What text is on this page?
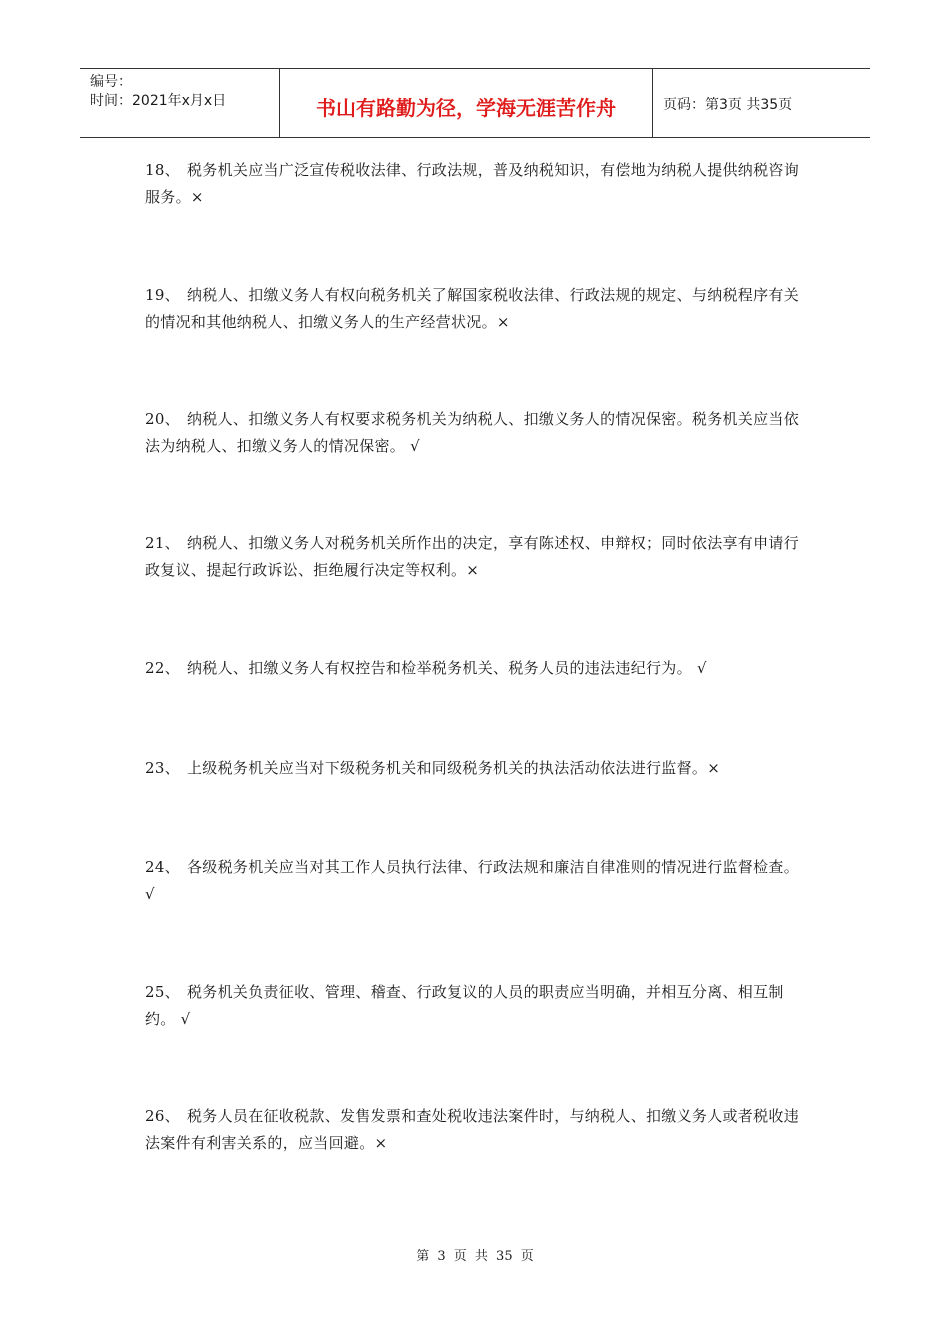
编号：
时间：2021年x月x日	书山有路勤为径，学海无涯苦作舟	页码：第3页 共35页
18、 税务机关应当广泛宣传税收法律、行政法规，普及纳税知识，有偿地为纳税人提供纳税咨询服务。×
19、 纳税人、扣缴义务人有权向税务机关了解国家税收法律、行政法规的规定、与纳税程序有关的情况和其他纳税人、扣缴义务人的生产经营状况。×
20、 纳税人、扣缴义务人有权要求税务机关为纳税人、扣缴义务人的情况保密。税务机关应当依法为纳税人、扣缴义务人的情况保密。 √
21、 纳税人、扣缴义务人对税务机关所作出的决定，享有陈述权、申辩权；同时依法享有申请行政复议、提起行政诉讼、拒绝履行决定等权利。×
22、 纳税人、扣缴义务人有权控告和检举税务机关、税务人员的违法违纪行为。 √
23、 上级税务机关应当对下级税务机关和同级税务机关的执法活动依法进行监督。×
24、 各级税务机关应当对其工作人员执行法律、行政法规和廉洁自律准则的情况进行监督检查。 √
25、 税务机关负责征收、管理、稽查、行政复议的人员的职责应当明确，并相互分离、相互制约。 √
26、 税务人员在征收税款、发售发票和查处税收违法案件时，与纳税人、扣缴义务人或者税收违法案件有利害关系的，应当回避。×
第 3 页 共 35 页
